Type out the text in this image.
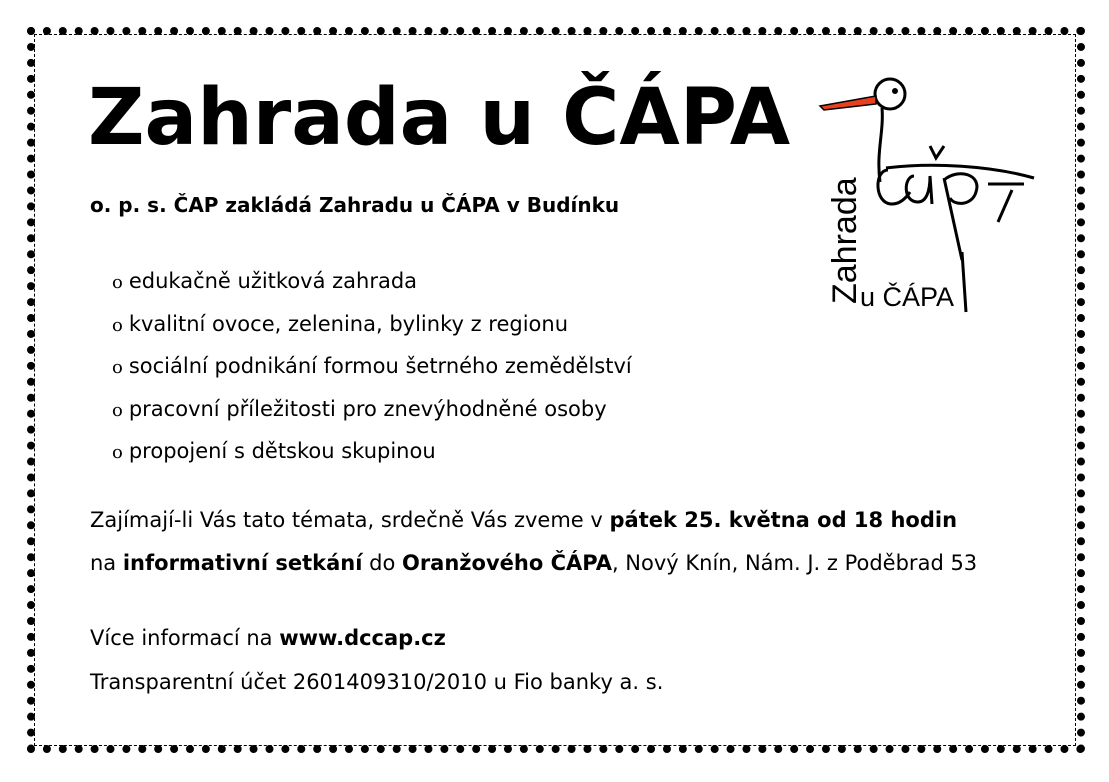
Zahrada u ČÁPA

o. p. s. ČAP zakládá Zahradu u ČÁPA v Budínku

o edukačně užitková zahrada
o kvalitní ovoce, zelenina, bylinky z regionu
o sociální podnikání formou šetrného zemědělství
o pracovní příležitosti pro znevýhodněné osoby
o propojení s dětskou skupinou

Zajímají-li Vás tato témata, srdečně Vás zveme v pátek 25. května od 18 hodin

na informativní setkání do Oranžového ČÁPA, Nový Knín, Nám. J. z Poděbrad 53

Více informací na www.dccap.cz

Transparentní účet 2601409310/2010 u Fio banky a. s.

Zahrada
u ČÁPA
